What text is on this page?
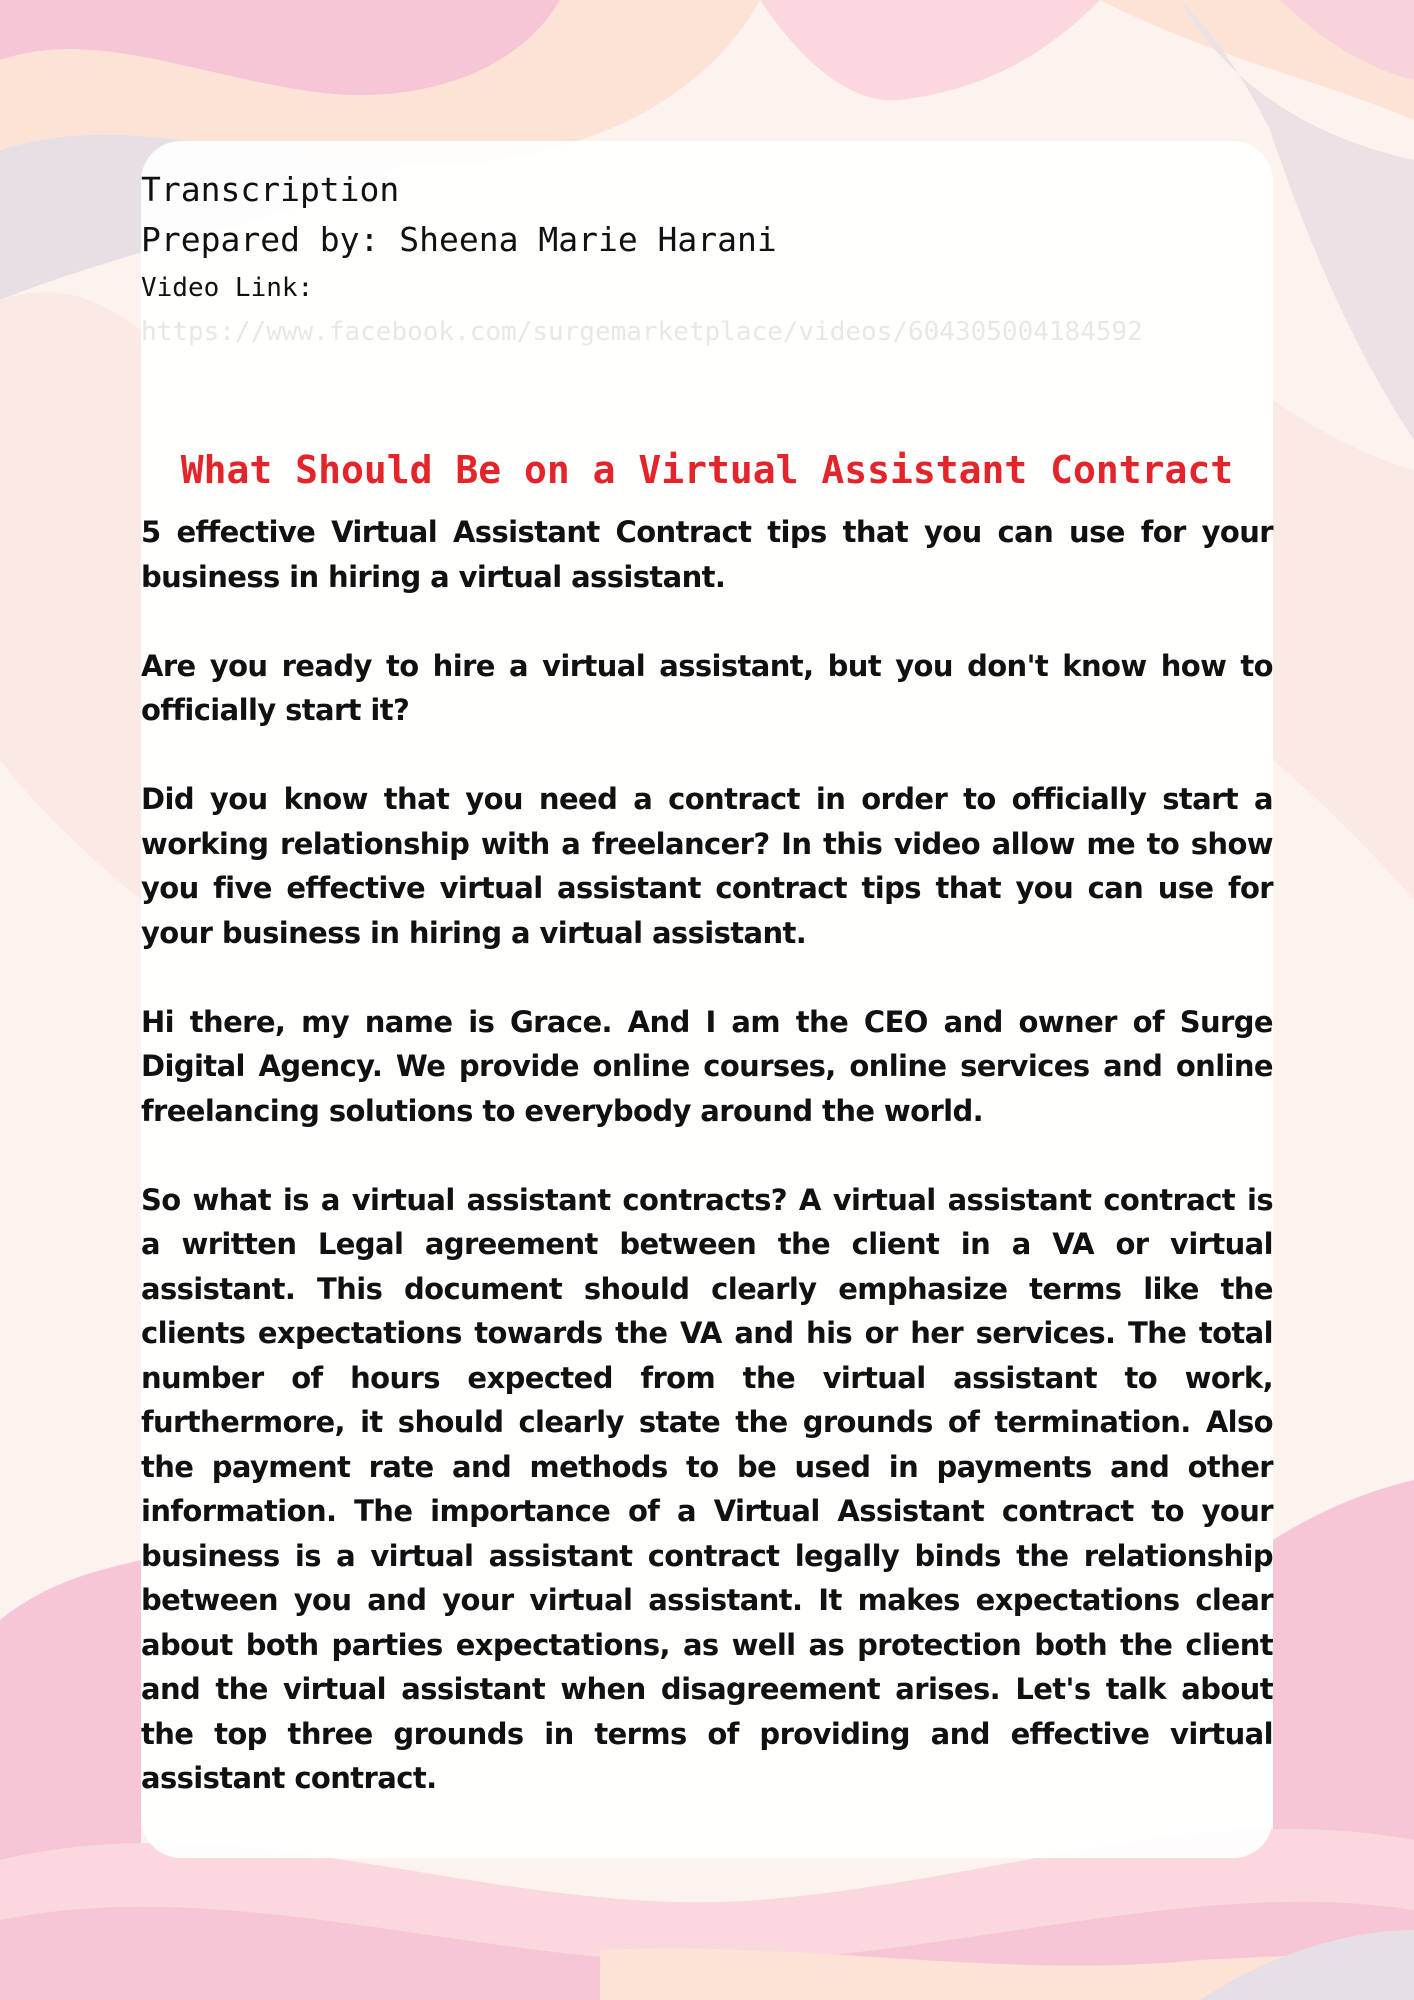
Transcription

Prepared by: Sheena Marie Harani

Video Link:

https://www.facebook.com/surgemarketplace/videos/604305004184592

What Should Be on a Virtual Assistant Contract

5 effective Virtual Assistant Contract tips that you can use for your business in hiring a virtual assistant.

Are you ready to hire a virtual assistant, but you don't know how to officially start it?

Did you know that you need a contract in order to officially start a working relationship with a freelancer? In this video allow me to show you five effective virtual assistant contract tips that you can use for your business in hiring a virtual assistant.

Hi there, my name is Grace. And I am the CEO and owner of Surge Digital Agency. We provide online courses, online services and online freelancing solutions to everybody around the world.

So what is a virtual assistant contracts? A virtual assistant contract is a written Legal agreement between the client in a VA or virtual assistant. This document should clearly emphasize terms like the clients expectations towards the VA and his or her services. The total number of hours expected from the virtual assistant to work, furthermore, it should clearly state the grounds of termination. Also the payment rate and methods to be used in payments and other information. The importance of a Virtual Assistant contract to your business is a virtual assistant contract legally binds the relationship between you and your virtual assistant. It makes expectations clear about both parties expectations, as well as protection both the client and the virtual assistant when disagreement arises. Let's talk about the top three grounds in terms of providing and effective virtual assistant contract.
